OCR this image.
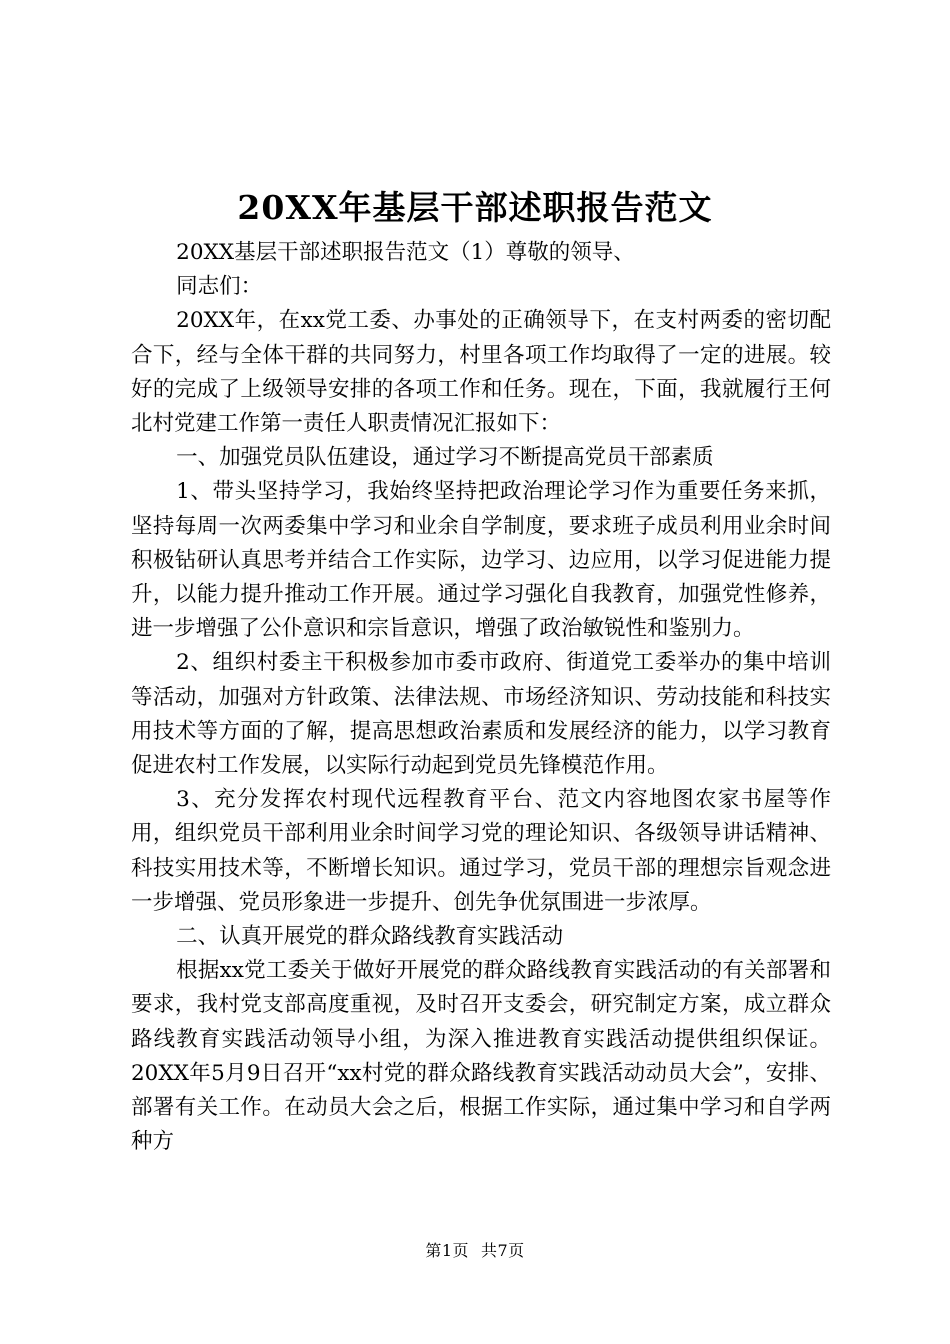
20XX年基层干部述职报告范文

20XX基层干部述职报告范文（1）尊敬的领导、

同志们：

20XX年，在xx党工委、办事处的正确领导下，在支村两委的密切配合下，经与全体干群的共同努力，村里各项工作均取得了一定的进展。较好的完成了上级领导安排的各项工作和任务。现在，下面，我就履行王何北村党建工作第一责任人职责情况汇报如下：

一、加强党员队伍建设，通过学习不断提高党员干部素质

1、带头坚持学习，我始终坚持把政治理论学习作为重要任务来抓，坚持每周一次两委集中学习和业余自学制度，要求班子成员利用业余时间积极钻研认真思考并结合工作实际，边学习、边应用，以学习促进能力提升，以能力提升推动工作开展。通过学习强化自我教育，加强党性修养，进一步增强了公仆意识和宗旨意识，增强了政治敏锐性和鉴别力。

2、组织村委主干积极参加市委市政府、街道党工委举办的集中培训等活动，加强对方针政策、法律法规、市场经济知识、劳动技能和科技实用技术等方面的了解，提高思想政治素质和发展经济的能力，以学习教育促进农村工作发展，以实际行动起到党员先锋模范作用。

3、充分发挥农村现代远程教育平台、范文内容地图农家书屋等作用，组织党员干部利用业余时间学习党的理论知识、各级领导讲话精神、科技实用技术等，不断增长知识。通过学习，党员干部的理想宗旨观念进一步增强、党员形象进一步提升、创先争优氛围进一步浓厚。

二、认真开展党的群众路线教育实践活动

根据xx党工委关于做好开展党的群众路线教育实践活动的有关部署和要求，我村党支部高度重视，及时召开支委会，研究制定方案，成立群众路线教育实践活动领导小组，为深入推进教育实践活动提供组织保证。20XX年5月9日召开“xx村党的群众路线教育实践活动动员大会”，安排、部署有关工作。在动员大会之后，根据工作实际，通过集中学习和自学两种方

第1页 共7页
